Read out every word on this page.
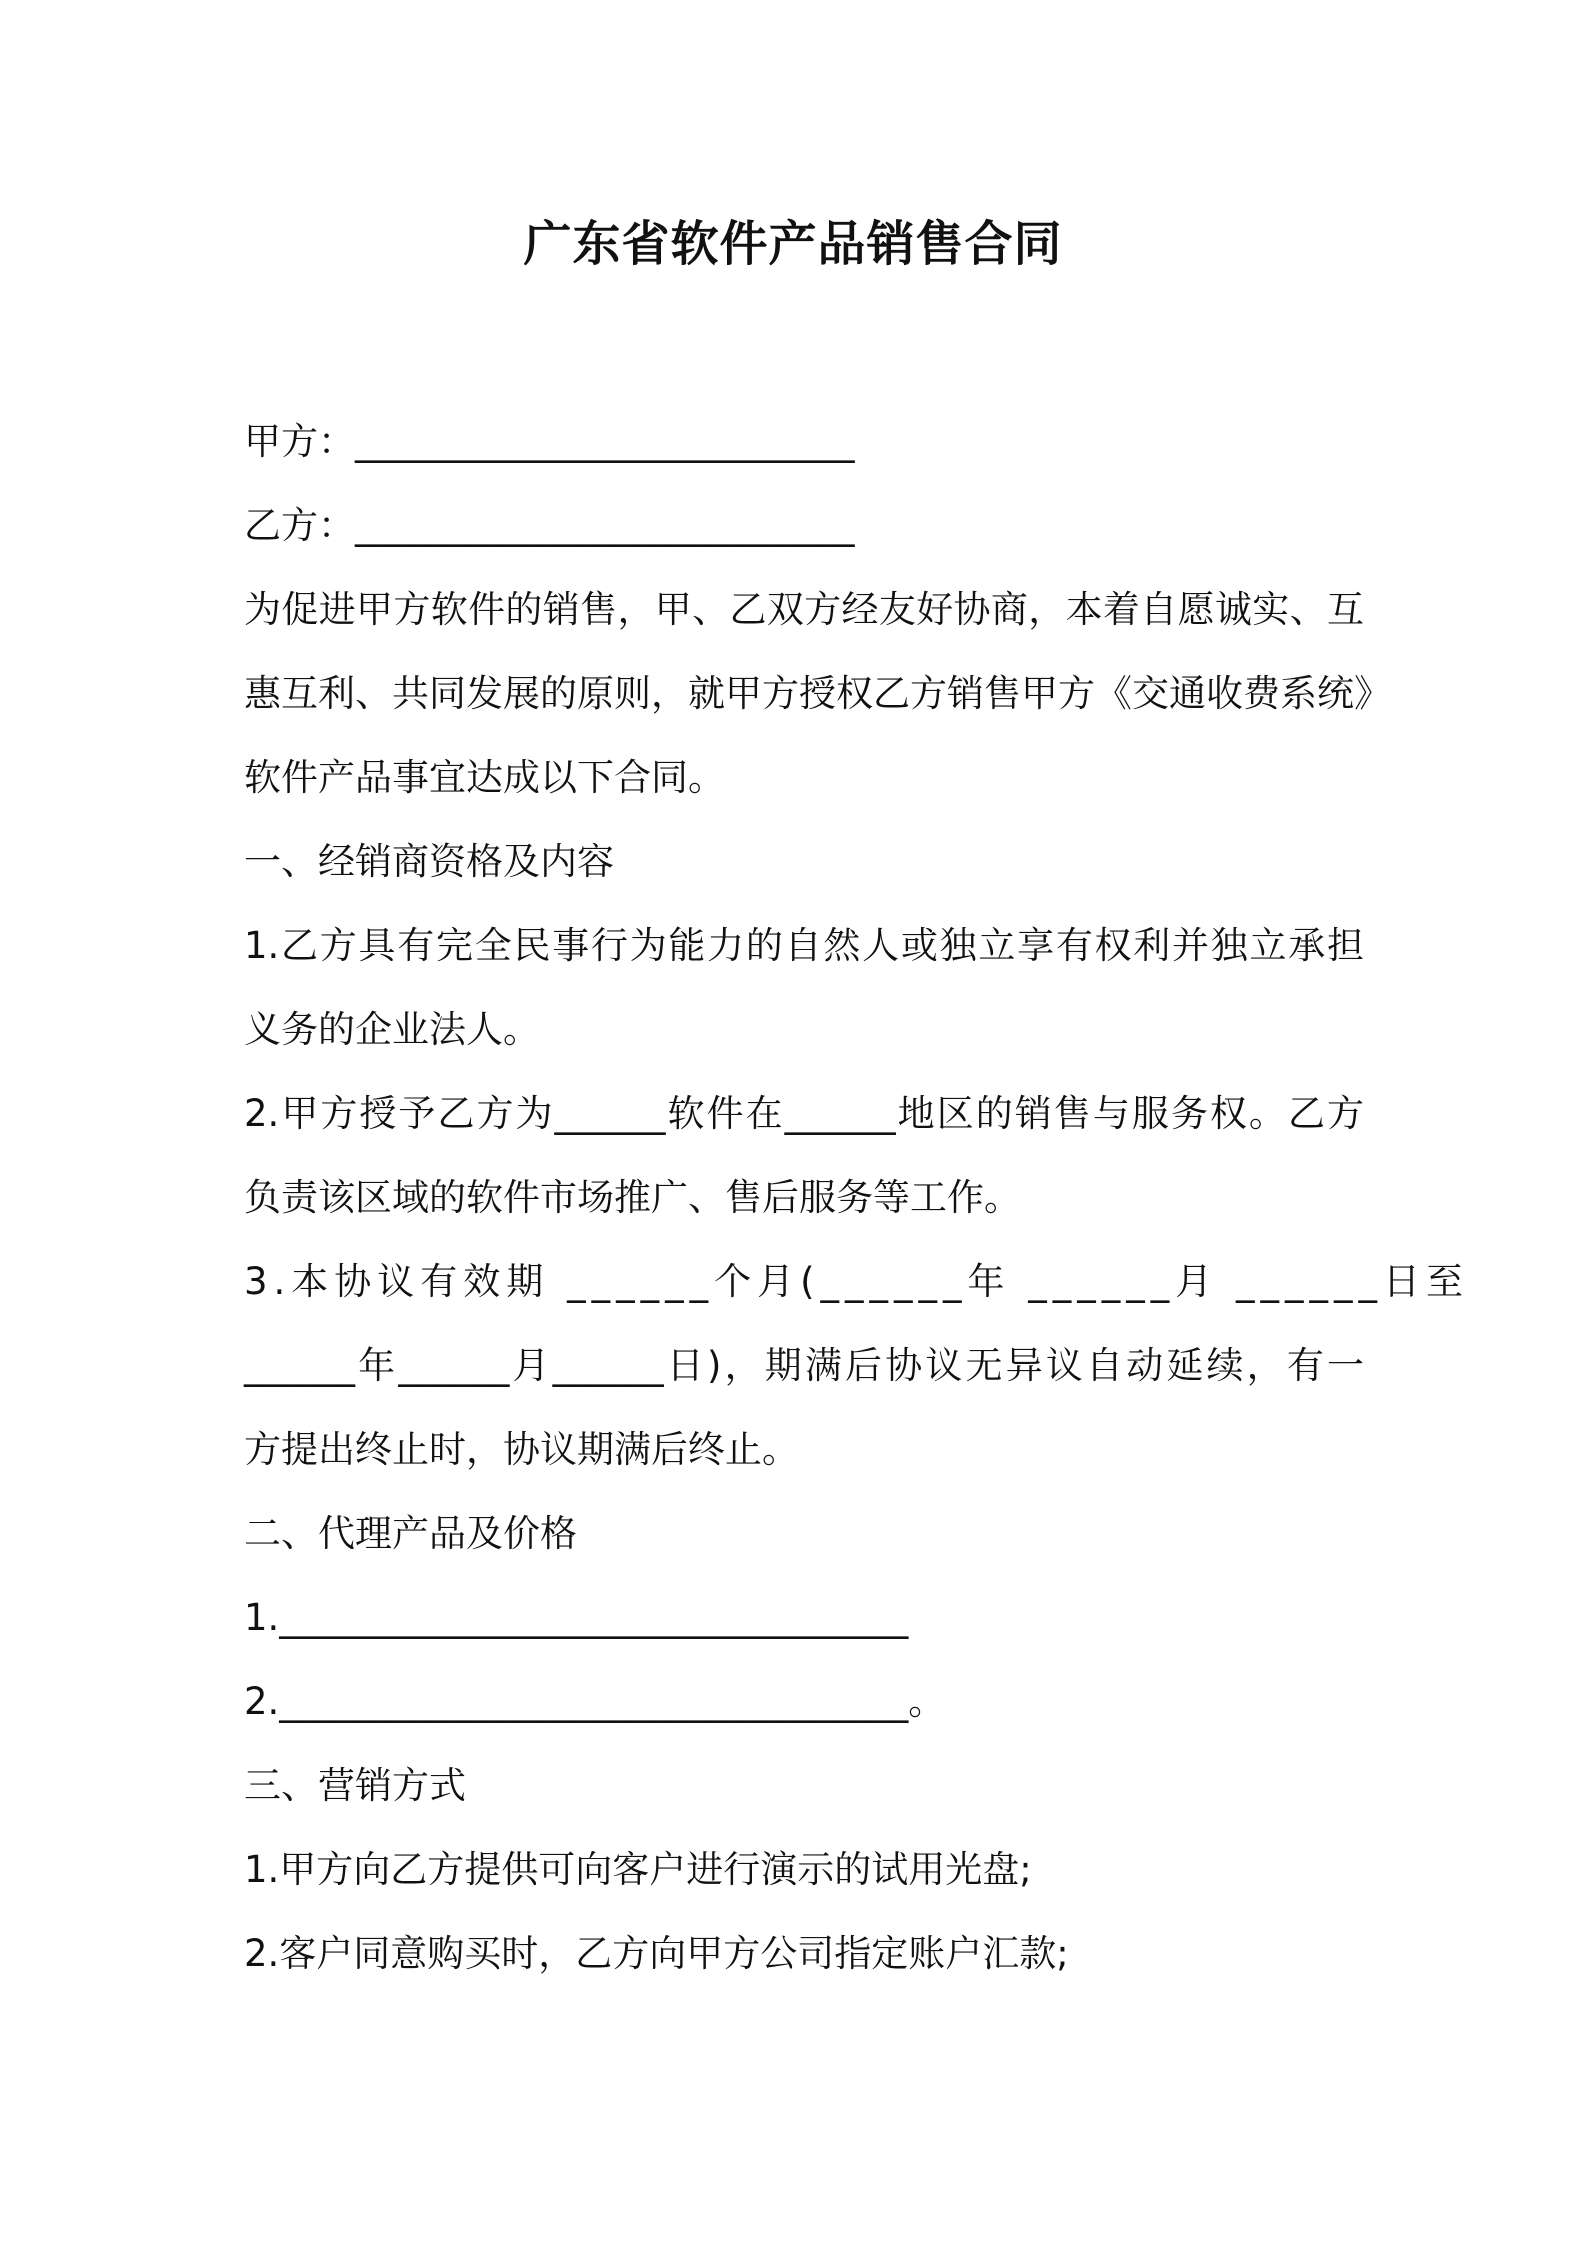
广东省软件产品销售合同
甲方：___________________________
乙方：___________________________
为促进甲方软件的销售，甲、乙双方经友好协商，本着自愿诚实、互
惠互利、共同发展的原则，就甲方授权乙方销售甲方《交通收费系统》
软件产品事宜达成以下合同。
一、经销商资格及内容
1.乙方具有完全民事行为能力的自然人或独立享有权利并独立承担
义务的企业法人。
2.甲方授予乙方为______软件在______地区的销售与服务权。乙方
负责该区域的软件市场推广、售后服务等工作。
3.本协议有效期 ______个月(______年 ______月 ______日至
______年______月______日)，期满后协议无异议自动延续，有一
方提出终止时，协议期满后终止。
二、代理产品及价格
1.__________________________________
2.__________________________________。
三、营销方式
1.甲方向乙方提供可向客户进行演示的试用光盘;
2.客户同意购买时，乙方向甲方公司指定账户汇款;
